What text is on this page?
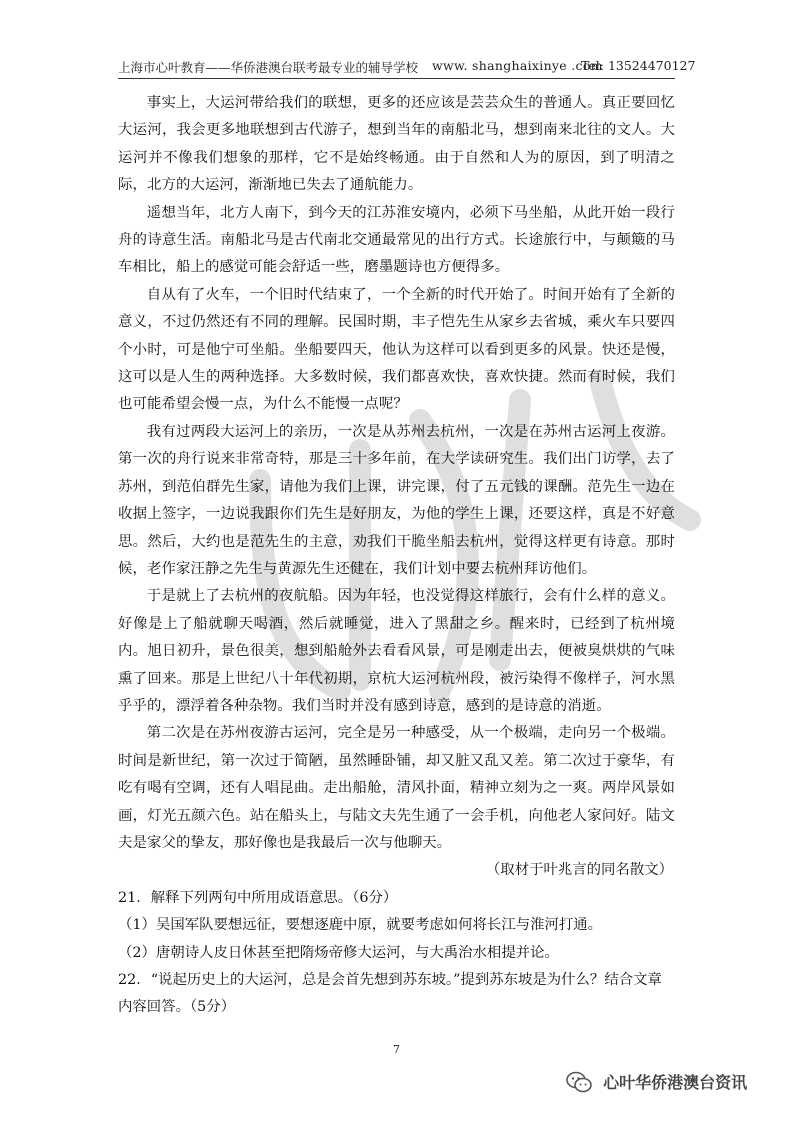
上海市心叶教育——华侨港澳台联考最专业的辅导学校 www. shanghaixinye .com
Tel: 13524470127

事实上，大运河带给我们的联想，更多的还应该是芸芸众生的普通人。真正要回忆大运河，我会更多地联想到古代游子，想到当年的南船北马，想到南来北往的文人。大运河并不像我们想象的那样，它不是始终畅通。由于自然和人为的原因，到了明清之际，北方的大运河，渐渐地已失去了通航能力。

遥想当年，北方人南下，到今天的江苏淮安境内，必须下马坐船，从此开始一段行舟的诗意生活。南船北马是古代南北交通最常见的出行方式。长途旅行中，与颠簸的马车相比，船上的感觉可能会舒适一些，磨墨题诗也方便得多。

自从有了火车，一个旧时代结束了，一个全新的时代开始了。时间开始有了全新的意义，不过仍然还有不同的理解。民国时期，丰子恺先生从家乡去省城，乘火车只要四个小时，可是他宁可坐船。坐船要四天，他认为这样可以看到更多的风景。快还是慢，这可以是人生的两种选择。大多数时候，我们都喜欢快，喜欢快捷。然而有时候，我们也可能希望会慢一点，为什么不能慢一点呢？

我有过两段大运河上的亲历，一次是从苏州去杭州，一次是在苏州古运河上夜游。第一次的舟行说来非常奇特，那是三十多年前，在大学读研究生。我们出门访学，去了苏州，到范伯群先生家，请他为我们上课，讲完课，付了五元钱的课酬。范先生一边在收据上签字，一边说我跟你们先生是好朋友，为他的学生上课，还要这样，真是不好意思。然后，大约也是范先生的主意，劝我们干脆坐船去杭州，觉得这样更有诗意。那时候，老作家汪静之先生与黄源先生还健在，我们计划中要去杭州拜访他们。

于是就上了去杭州的夜航船。因为年轻，也没觉得这样旅行，会有什么样的意义。好像是上了船就聊天喝酒，然后就睡觉，进入了黑甜之乡。醒来时，已经到了杭州境内。旭日初升，景色很美，想到船舱外去看看风景，可是刚走出去，便被臭烘烘的气味熏了回来。那是上世纪八十年代初期，京杭大运河杭州段，被污染得不像样子，河水黑乎乎的，漂浮着各种杂物。我们当时并没有感到诗意，感到的是诗意的消逝。

第二次是在苏州夜游古运河，完全是另一种感受，从一个极端，走向另一个极端。时间是新世纪，第一次过于简陋，虽然睡卧铺，却又脏又乱又差。第二次过于豪华，有吃有喝有空调，还有人唱昆曲。走出船舱，清风扑面，精神立刻为之一爽。两岸风景如画，灯光五颜六色。站在船头上，与陆文夫先生通了一会手机，向他老人家问好。陆文夫是家父的挚友，那好像也是我最后一次与他聊天。

（取材于叶兆言的同名散文）

21．解释下列两句中所用成语意思。（6分）

（1）吴国军队要想远征，要想逐鹿中原，就要考虑如何将长江与淮河打通。

（2）唐朝诗人皮日休甚至把隋炀帝修大运河，与大禹治水相提并论。

22．“说起历史上的大运河，总是会首先想到苏东坡。”提到苏东坡是为什么？结合文章内容回答。（5分）

7
心叶华侨港澳台资讯
